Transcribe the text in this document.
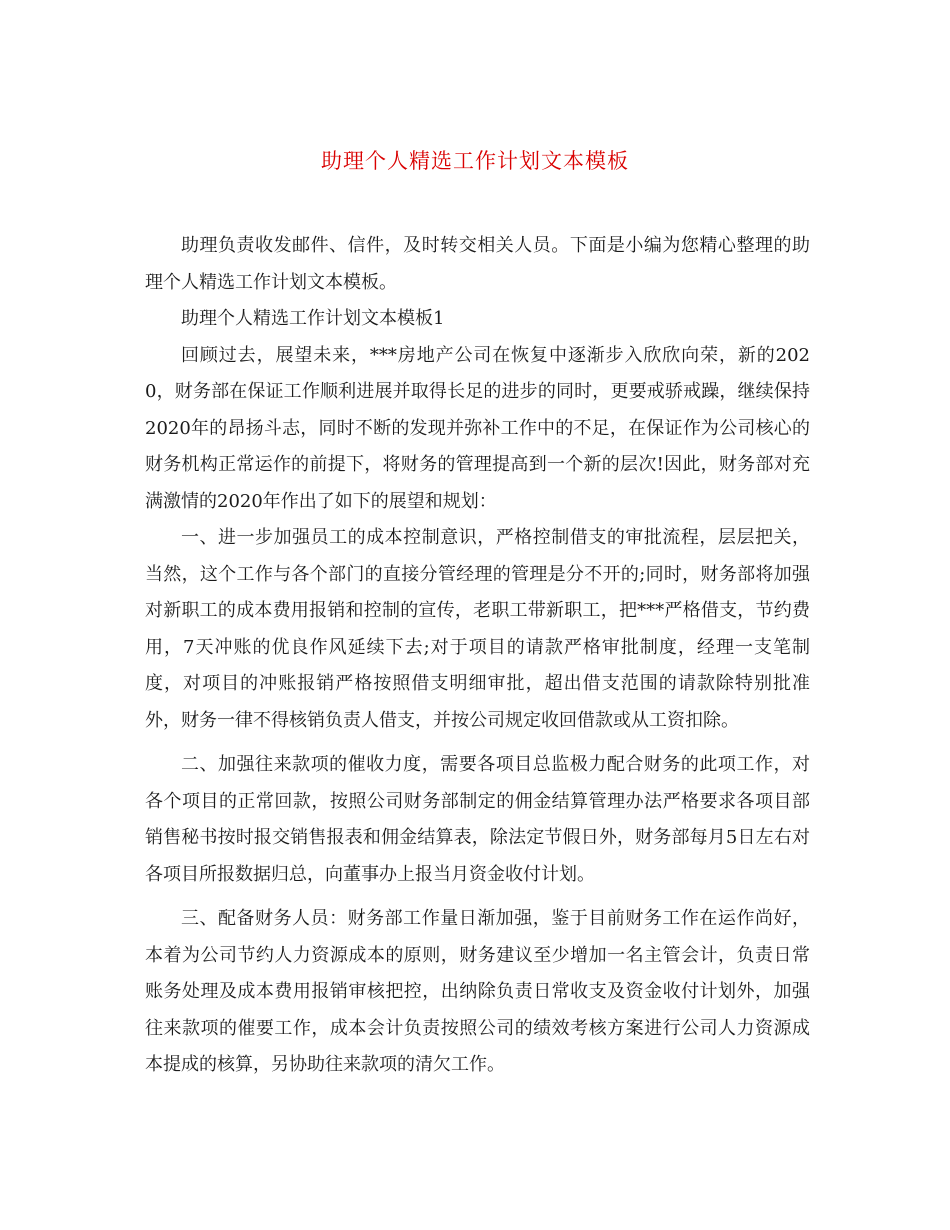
助理个人精选工作计划文本模板

助理负责收发邮件、信件，及时转交相关人员。下面是小编为您精心整理的助理个人精选工作计划文本模板。

助理个人精选工作计划文本模板1

回顾过去，展望未来，***房地产公司在恢复中逐渐步入欣欣向荣，新的2020，财务部在保证工作顺利进展并取得长足的进步的同时，更要戒骄戒躁，继续保持2020年的昂扬斗志，同时不断的发现并弥补工作中的不足，在保证作为公司核心的财务机构正常运作的前提下，将财务的管理提高到一个新的层次!因此，财务部对充满激情的2020年作出了如下的展望和规划：

一、进一步加强员工的成本控制意识，严格控制借支的审批流程，层层把关，当然，这个工作与各个部门的直接分管经理的管理是分不开的;同时，财务部将加强对新职工的成本费用报销和控制的宣传，老职工带新职工，把***严格借支，节约费用，7天冲账的优良作风延续下去;对于项目的请款严格审批制度，经理一支笔制度，对项目的冲账报销严格按照借支明细审批，超出借支范围的请款除特别批准外，财务一律不得核销负责人借支，并按公司规定收回借款或从工资扣除。

二、加强往来款项的催收力度，需要各项目总监极力配合财务的此项工作，对各个项目的正常回款，按照公司财务部制定的佣金结算管理办法严格要求各项目部销售秘书按时报交销售报表和佣金结算表，除法定节假日外，财务部每月5日左右对各项目所报数据归总，向董事办上报当月资金收付计划。

三、配备财务人员：财务部工作量日渐加强，鉴于目前财务工作在运作尚好，本着为公司节约人力资源成本的原则，财务建议至少增加一名主管会计，负责日常账务处理及成本费用报销审核把控，出纳除负责日常收支及资金收付计划外，加强往来款项的催要工作，成本会计负责按照公司的绩效考核方案进行公司人力资源成本提成的核算，另协助往来款项的清欠工作。
